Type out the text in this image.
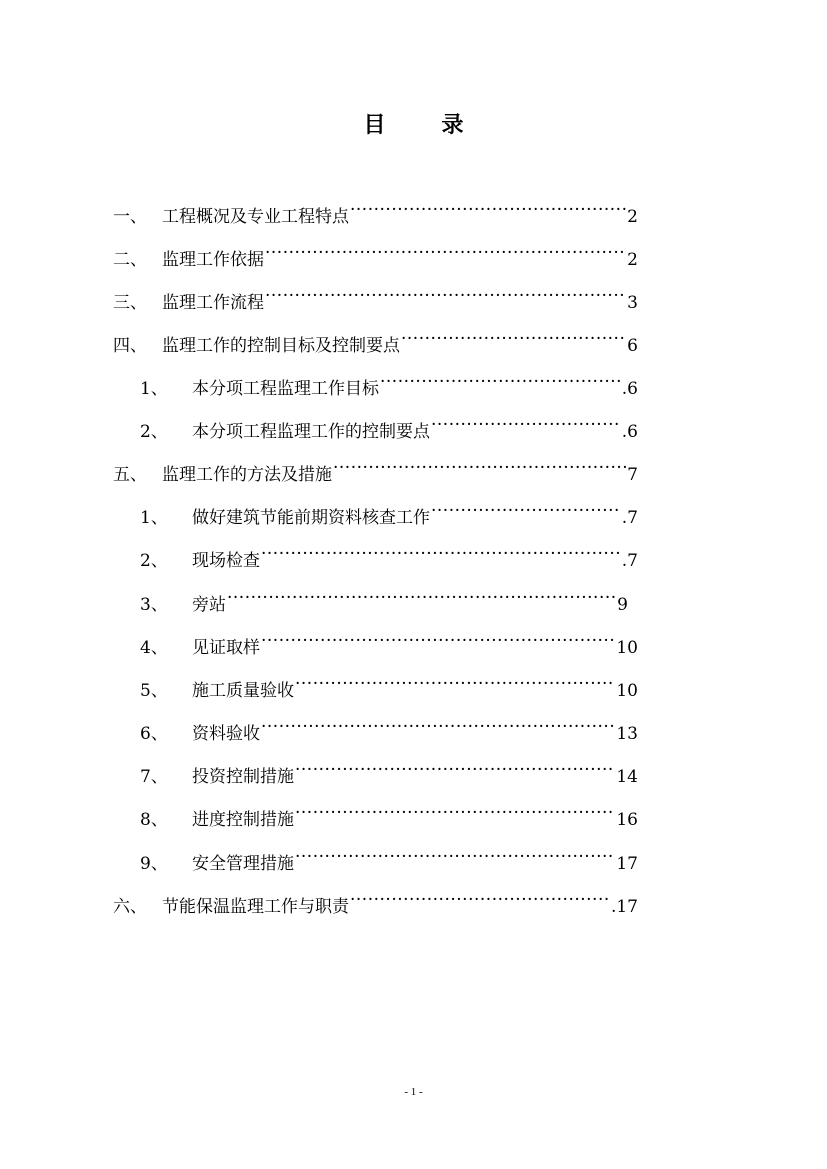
目	录
一、 工程概况及专业工程特点 ·····	2
二、 监理工作依据 ·····	2
三、 监理工作流程 ·····	3
四、 监理工作的控制目标及控制要点 ·····	6
1、	本分项工程监理工作目标 ·····	.6
2、	本分项工程监理工作的控制要点 ·····	.6
五、 监理工作的方法及措施 ·····	7
1、	做好建筑节能前期资料核查工作 ·····	.7
2、	现场检查 ·····	.7
3、	旁站 ·····	9
4、	见证取样 ·····	10
5、	施工质量验收 ·····	10
6、	资料验收 ·····	13
7、	投资控制措施 ·····	14
8、	进度控制措施 ·····	16
9、	安全管理措施 ·····	17
六、 节能保温监理工作与职责 ·····	.17
- 1 -
